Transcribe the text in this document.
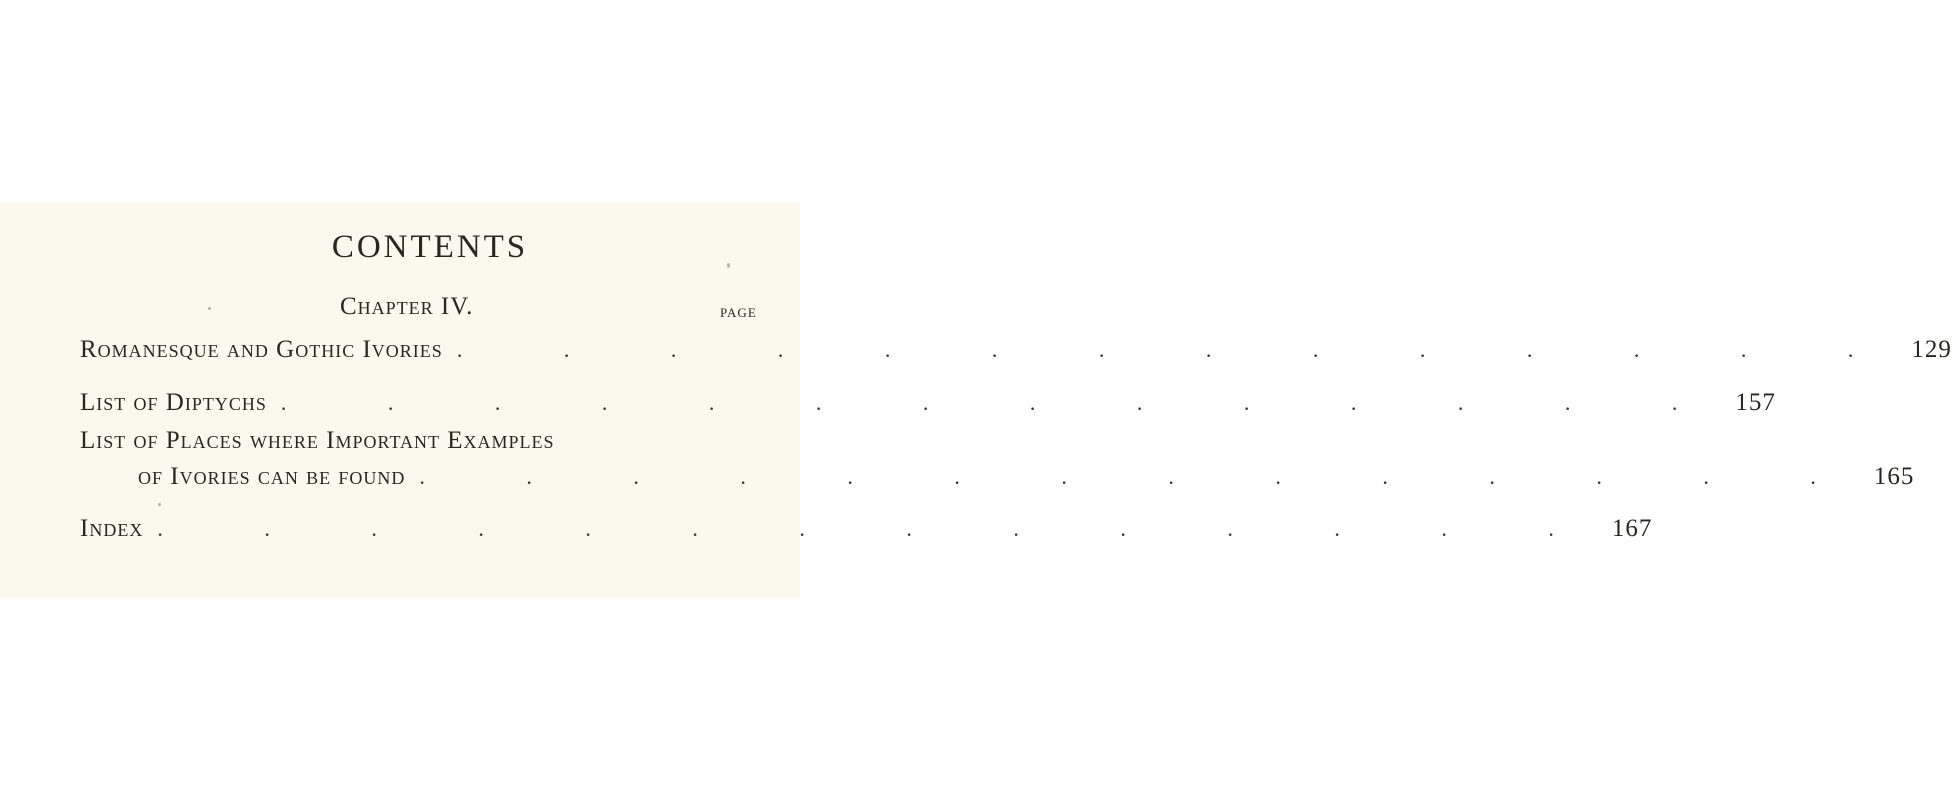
CONTENTS
Chapter IV.	page
Romanesque and Gothic Ivories . . . . . . . . . . . . . . 129
List of Diptychs . . . . . . . . . . . . . . 157
List of Places where Important Examples
of Ivories can be found . . . . . . . . . . . . . . 165
Index . . . . . . . . . . . . . . 167
